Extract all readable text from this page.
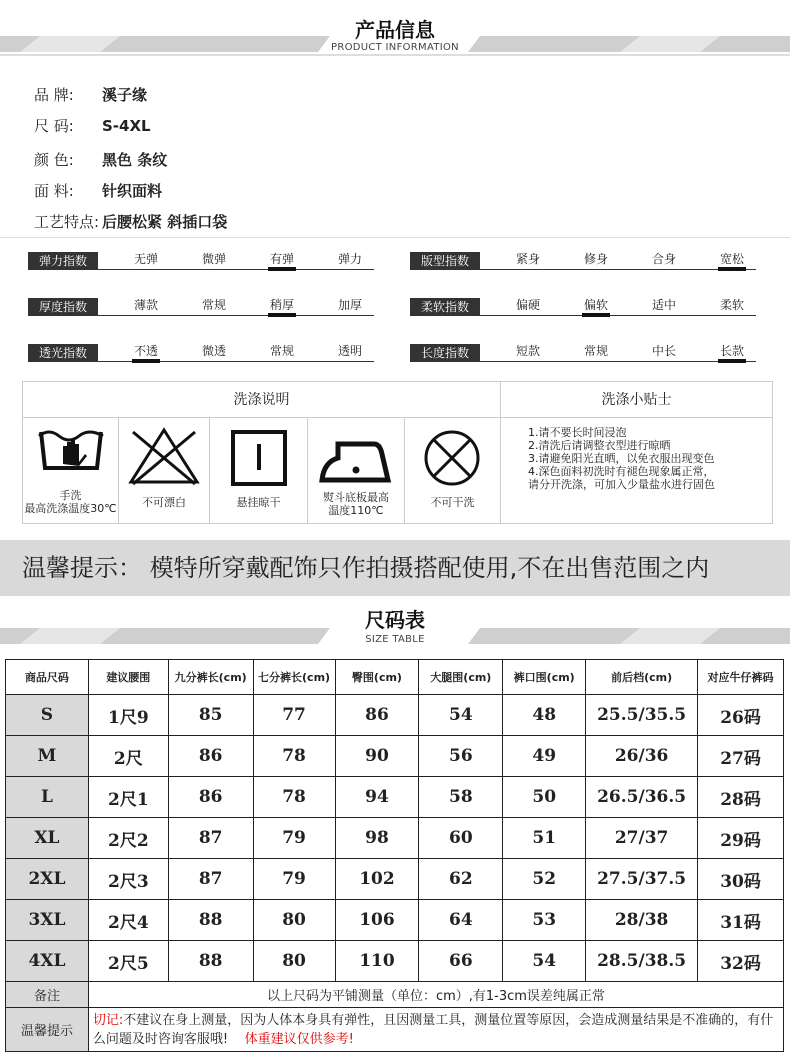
产品信息
PRODUCT INFORMATION
品 牌: 溪子缘
尺 码: S-4XL
颜 色: 黑色 条纹
面 料: 针织面料
工艺特点: 后腰松紧 斜插口袋
弹力指数	无弹	微弹	有弹	弹力	版型指数	紧身	修身	合身	宽松
厚度指数	薄款	常规	稍厚	加厚	柔软指数	偏硬	偏软	适中	柔软
透光指数	不透	微透	常规	透明	长度指数	短款	常规	中长	长款
洗涤说明	洗涤小贴士
手洗
最高洗涤温度30℃	不可漂白	悬挂晾干	熨斗底板最高
温度110℃
不可干洗
1.请不要长时间浸泡
2.清洗后请调整衣型进行晾晒
3.请避免阳光直晒，以免衣服出现变色
4.深色面料初洗时有褪色现象属正常，
请分开洗涤，可加入少量盐水进行固色
温馨提示： 模特所穿戴配饰只作拍摄搭配使用,不在出售范围之内
尺码表
SIZE TABLE
商品尺码	建议腰围	九分裤长(cm)	七分裤长(cm)	臀围(cm)	大腿围(cm)	裤口围(cm)	前后档(cm)	对应牛仔裤码
S	1尺9	85	77	86	54	48	25.5/35.5	26码
M	2尺	86	78	90	56	49	26/36	27码
L	2尺1	86	78	94	58	50	26.5/36.5	28码
XL	2尺2	87	79	98	60	51	27/37	29码
2XL	2尺3	87	79	102	62	52	27.5/37.5	30码
3XL	2尺4	88	80	106	64	53	28/38	31码
4XL	2尺5	88	80	110	66	54	28.5/38.5	32码
备注	以上尺码为平铺测量（单位：cm）,有1-3cm误差纯属正常							
温馨提示	切记:不建议在身上测量，因为人体本身具有弹性，且因测量工具，测量位置等原因，会造成测量结果是不准确的，有什么问题及时咨询客服哦! 体重建议仅供参考!							
